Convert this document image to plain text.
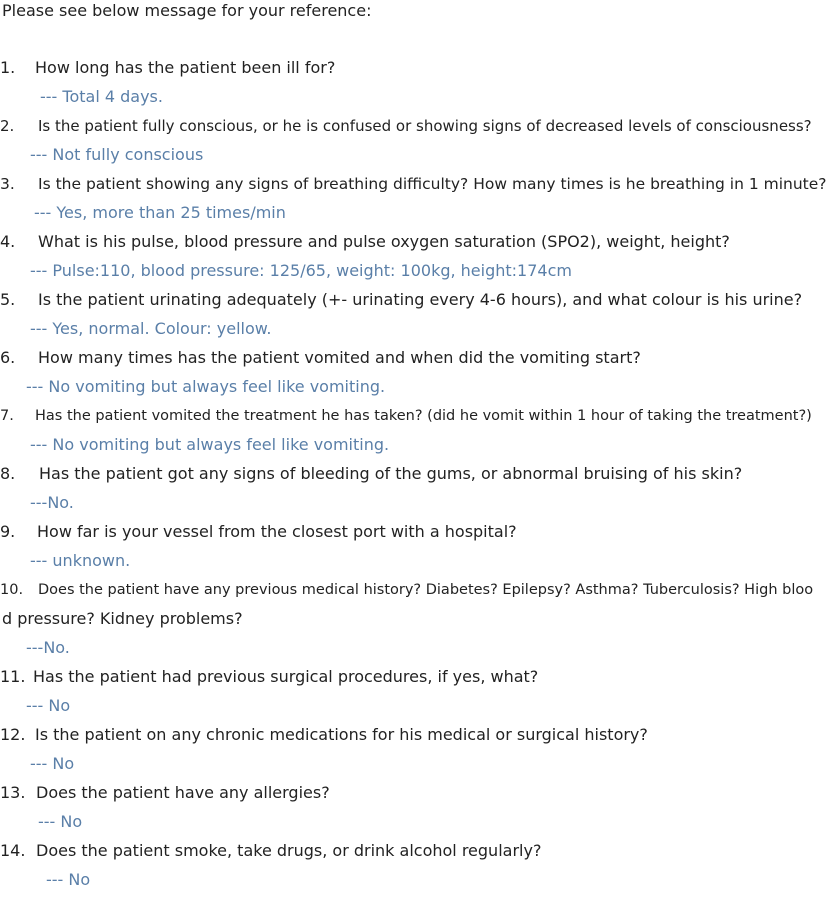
Please see below message for your reference:
1. How long has the patient been ill for?
--- Total 4 days.
2. Is the patient fully conscious, or he is confused or showing signs of decreased levels of consciousness?
--- Not fully conscious
3. Is the patient showing any signs of breathing difficulty? How many times is he breathing in 1 minute?
--- Yes, more than 25 times/min
4. What is his pulse, blood pressure and pulse oxygen saturation (SPO2), weight, height?
--- Pulse:110, blood pressure: 125/65, weight: 100kg, height:174cm
5. Is the patient urinating adequately (+- urinating every 4-6 hours), and what colour is his urine?
--- Yes, normal. Colour: yellow.
6. How many times has the patient vomited and when did the vomiting start?
--- No vomiting but always feel like vomiting.
7. Has the patient vomited the treatment he has taken? (did he vomit within 1 hour of taking the treatment?)
--- No vomiting but always feel like vomiting.
8. Has the patient got any signs of bleeding of the gums, or abnormal bruising of his skin?
---No.
9. How far is your vessel from the closest port with a hospital?
--- unknown.
10. Does the patient have any previous medical history? Diabetes? Epilepsy? Asthma? Tuberculosis? High bloo
d pressure? Kidney problems?
---No.
11. Has the patient had previous surgical procedures, if yes, what?
--- No
12. Is the patient on any chronic medications for his medical or surgical history?
--- No
13. Does the patient have any allergies?
--- No
14. Does the patient smoke, take drugs, or drink alcohol regularly?
--- No
